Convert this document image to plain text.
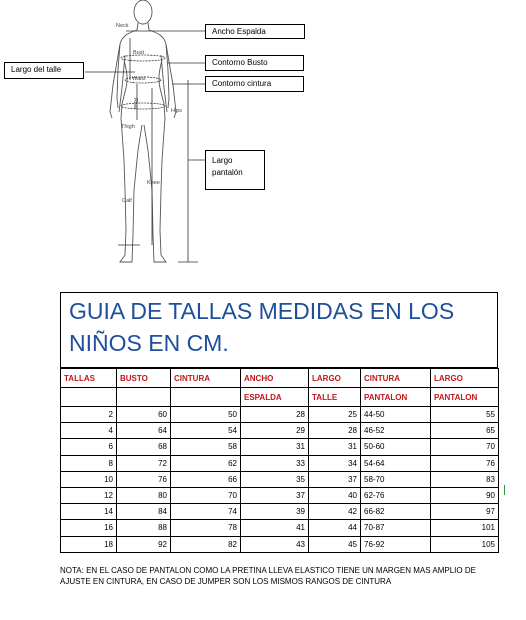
Neck
Bust
Waist
Rise
Hips
Thigh
Knee
Calf
Ancho Espalda
Largo del talle
Contorno Busto
Contorno cintura
Largo
pantalón
GUIA DE TALLAS MEDIDAS EN LOS
NIÑOS EN CM.
TALLAS	BUSTO	CINTURA	ANCHO	LARGO	CINTURA	LARGO
			ESPALDA	TALLE	PANTALON	PANTALON
2	60	50	28	25	44-50	55
4	64	54	29	28	46-52	65
6	68	58	31	31	50-60	70
8	72	62	33	34	54-64	76
10	76	66	35	37	58-70	83
12	80	70	37	40	62-76	90
14	84	74	39	42	66-82	97
16	88	78	41	44	70-87	101
18	92	82	43	45	76-92	105
NOTA: EN EL CASO DE PANTALON COMO LA PRETINA LLEVA ELASTICO TIENE UN MARGEN MAS AMPLIO DE AJUSTE EN CINTURA, EN CASO DE JUMPER SON LOS MISMOS RANGOS DE CINTURA
